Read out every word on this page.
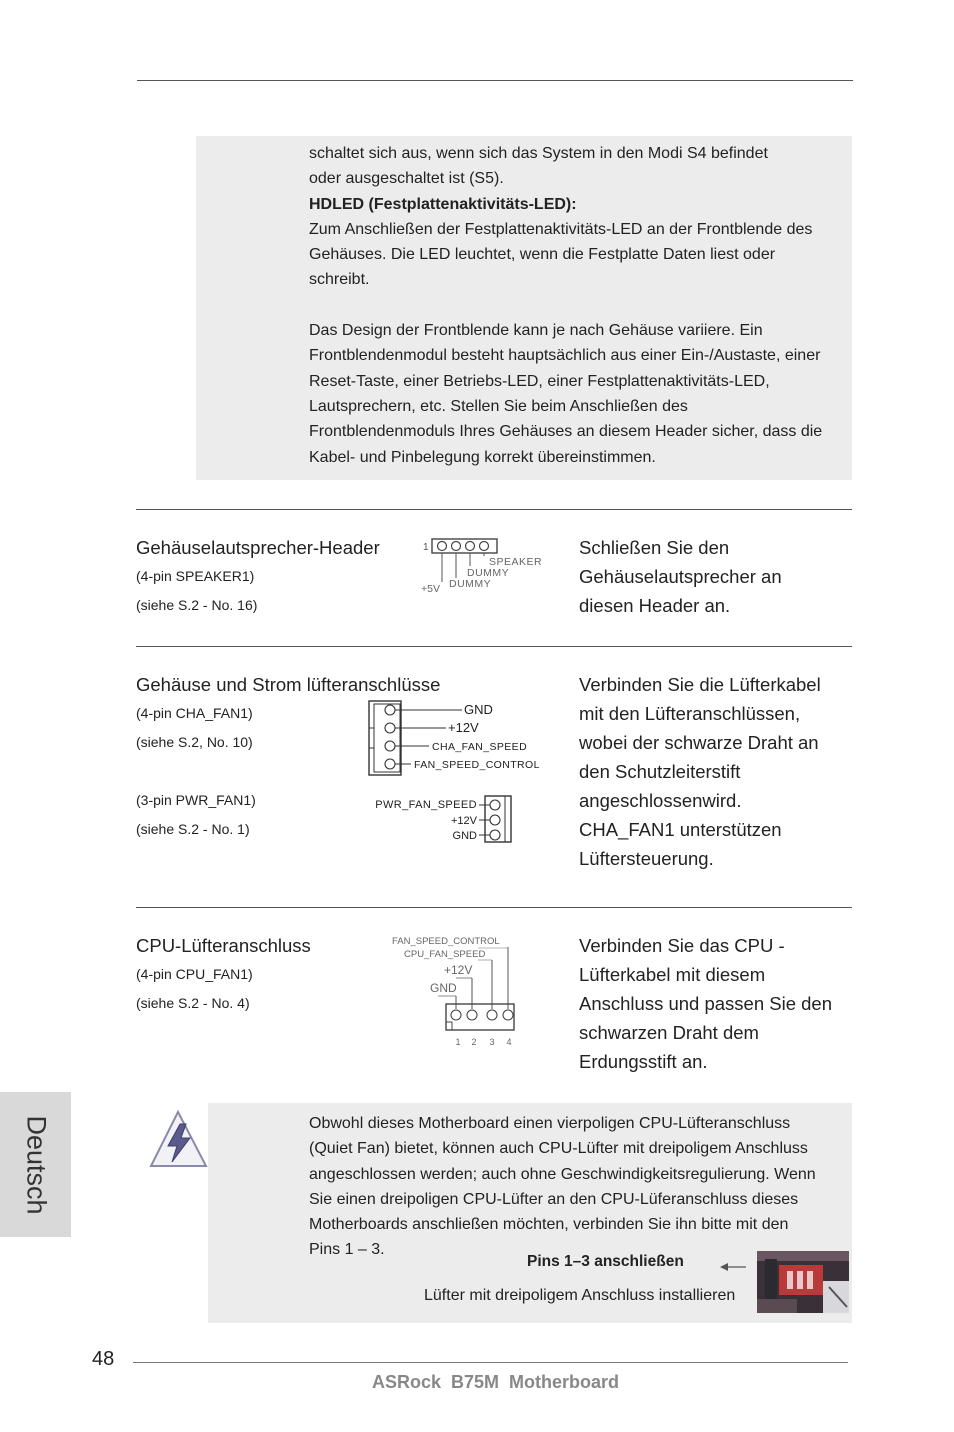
schaltet sich aus, wenn sich das System in den Modi S4 befindet

oder ausgeschaltet ist (S5).

HDLED (Festplattenaktivitäts-LED):

Zum Anschließen der Festplattenaktivitäts-LED an der Frontblende des

Gehäuses. Die LED leuchtet, wenn die Festplatte Daten liest oder

schreibt.

Das Design der Frontblende kann je nach Gehäuse variiere. Ein

Frontblendenmodul besteht hauptsächlich aus einer Ein-/Austaste, einer

Reset-Taste, einer Betriebs-LED, einer Festplattenaktivitäts-LED,

Lautsprechern, etc. Stellen Sie beim Anschließen des

Frontblendenmoduls Ihres Gehäuses an diesem Header sicher, dass die

Kabel- und Pinbelegung korrekt übereinstimmen.

Gehäuselautsprecher-Header
(4-pin SPEAKER1)
(siehe S.2 - No. 16)
1
SPEAKER
DUMMY
DUMMY
+5V

Schließen Sie den

Gehäuselautsprecher an

diesen Header an.

Gehäuse und Strom lüfteranschlüsse
(4-pin CHA_FAN1)
(siehe S.2, No. 10)
(3-pin PWR_FAN1)
(siehe S.2 - No. 1)
GND
+12V
CHA_FAN_SPEED
FAN_SPEED_CONTROL
PWR_FAN_SPEED
+12V
GND

Verbinden Sie die Lüfterkabel

mit den Lüfteranschlüssen,

wobei der schwarze Draht an

den Schutzleiterstift

angeschlossenwird.

CHA_FAN1 unterstützen

Lüftersteuerung.

CPU-Lüfteranschluss
(4-pin CPU_FAN1)
(siehe S.2 - No. 4)
FAN_SPEED_CONTROL
CPU_FAN_SPEED
+12V
GND
1 2 3 4

Verbinden Sie das CPU -

Lüfterkabel mit diesem

Anschluss und passen Sie den

schwarzen Draht dem

Erdungsstift an.

Obwohl dieses Motherboard einen vierpoligen CPU-Lüfteranschluss

(Quiet Fan) bietet, können auch CPU-Lüfter mit dreipoligem Anschluss

angeschlossen werden; auch ohne Geschwindigkeitsregulierung. Wenn

Sie einen dreipoligen CPU-Lüfter an den CPU-Lüferanschluss dieses

Motherboards anschließen möchten, verbinden Sie ihn bitte mit den

Pins 1 – 3.

Pins 1–3 anschließen
Lüfter mit dreipoligem Anschluss installieren
Deutsch
48
ASRock  B75M  Motherboard
